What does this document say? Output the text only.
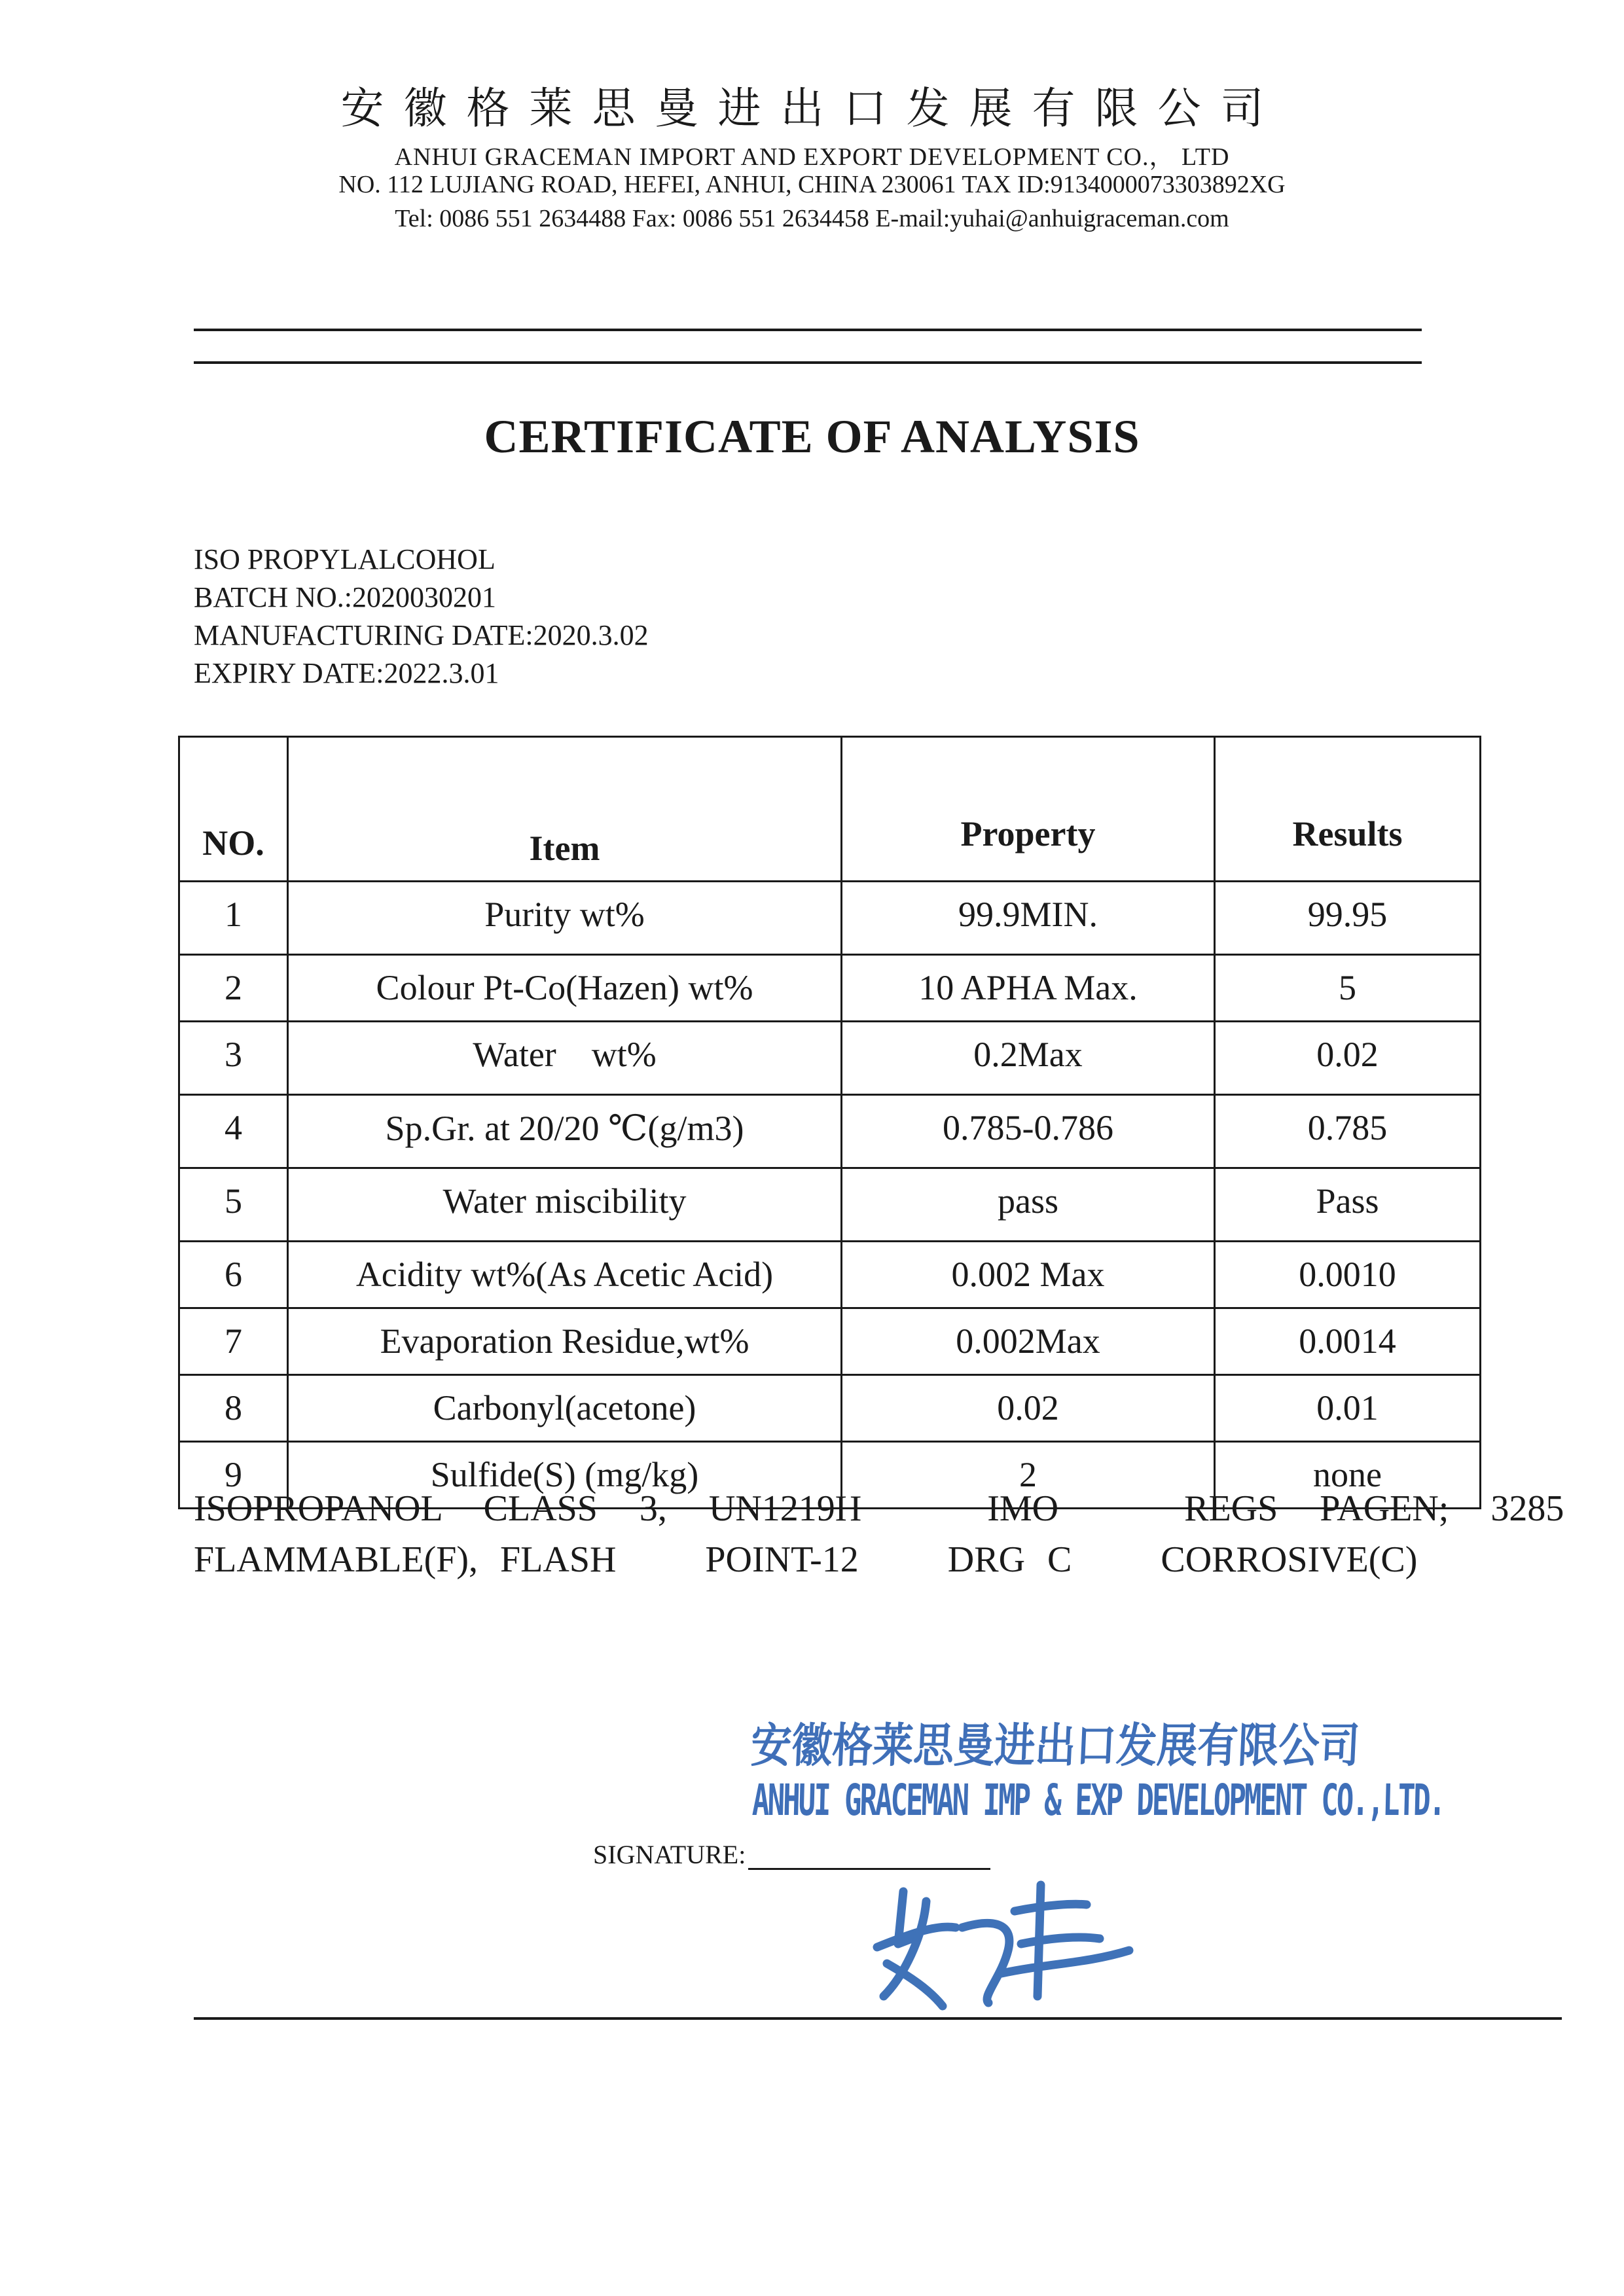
安徽格莱思曼进出口发展有限公司
ANHUI GRACEMAN IMPORT AND EXPORT DEVELOPMENT CO.， LTD
NO. 112 LUJIANG ROAD, HEFEI, ANHUI, CHINA 230061 TAX ID:9134000073303892XG
Tel: 0086 551 2634488 Fax: 0086 551 2634458 E-mail:yuhai@anhuigraceman.com
CERTIFICATE OF ANALYSIS
ISO PROPYLALCOHOL
BATCH NO.:2020030201
MANUFACTURING DATE:2020.3.02
EXPIRY DATE:2022.3.01
NO.	Item	Property	Results
1	Purity wt%	99.9MIN.	99.95
2	Colour Pt-Co(Hazen) wt%	10 APHA Max.	5
3	Water    wt%	0.2Max	0.02
4	Sp.Gr. at 20/20 ℃(g/m3)	0.785-0.786	0.785
5	Water miscibility	pass	Pass
6	Acidity wt%(As Acetic Acid)	0.002 Max	0.0010
7	Evaporation Residue,wt%	0.002Max	0.0014
8	Carbonyl(acetone)	0.02	0.01
9	Sulfide(S) (mg/kg)	2	none
ISOPROPANOL  CLASS  3,  UN1219H      IMO      REGS  PAGEN;  3285
FLAMMABLE(F), FLASH    POINT-12    DRG C    CORROSIVE(C)
安徽格莱思曼进出口发展有限公司
ANHUI GRACEMAN IMP & EXP DEVELOPMENT CO.,LTD.
SIGNATURE:
